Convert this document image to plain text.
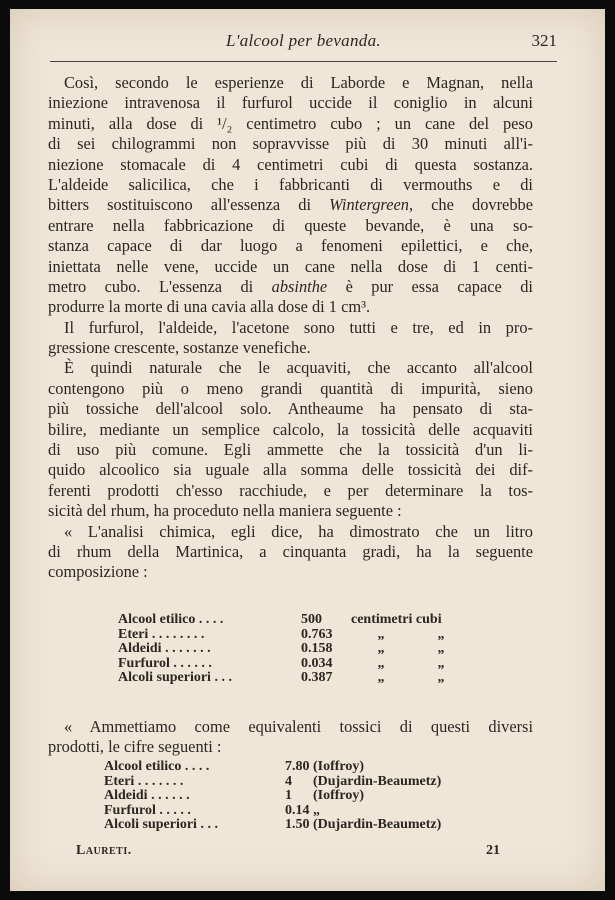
L'alcool per bevanda.	321
Così, secondo le esperienze di Laborde e Magnan, nella
iniezione intravenosa il furfurol uccide il coniglio in alcuni
minuti, alla dose di ¹/₂ centimetro cubo ; un cane del peso
di sei chilogrammi non sopravvisse più di 30 minuti all'i-
niezione stomacale di 4 centimetri cubi di questa sostanza.
L'aldeide salicilica, che i fabbricanti di vermouths e di
bitters sostituiscono all'essenza di Wintergreen, che dovrebbe
entrare nella fabbricazione di queste bevande, è una so-
stanza capace di dar luogo a fenomeni epilettici, e che,
iniettata nelle vene, uccide un cane nella dose di 1 centi-
metro cubo. L'essenza di absinthe è pur essa capace di
produrre la morte di una cavia alla dose di 1 cm³.
Il furfurol, l'aldeide, l'acetone sono tutti e tre, ed in pro-
gressione crescente, sostanze venefiche.
È quindi naturale che le acquaviti, che accanto all'alcool
contengono più o meno grandi quantità di impurità, sieno
più tossiche dell'alcool solo. Antheaume ha pensato di sta-
bilire, mediante un semplice calcolo, la tossicità delle acquaviti
di uso più comune. Egli ammette che la tossicità d'un li-
quido alcoolico sia uguale alla somma delle tossicità dei dif-
ferenti prodotti ch'esso racchiude, e per determinare la tos-
sicità del rhum, ha proceduto nella maniera seguente :
« L'analisi chimica, egli dice, ha dimostrato che un litro
di rhum della Martinica, a cinquanta gradi, ha la seguente
composizione :
Alcool etilico . . . .	500	centimetri cubi
Eteri . . . . . . . .	0.763	„	„
Aldeidi . . . . . . .	0.158	„	„
Furfurol . . . . . .	0.034	„	„
Alcoli superiori . . .	0.387	„	„
« Ammettiamo come equivalenti tossici di questi diversi
prodotti, le cifre seguenti :
Alcool etilico . . . .	7.80 (Ioffroy)
Eteri . . . . . . .	4	(Dujardin-Beaumetz)
Aldeidi . . . . . .	1	(Ioffroy)
Furfurol . . . . .	0.14 „
Alcoli superiori . . .	1.50 (Dujardin-Beaumetz)
Laureti.	21
